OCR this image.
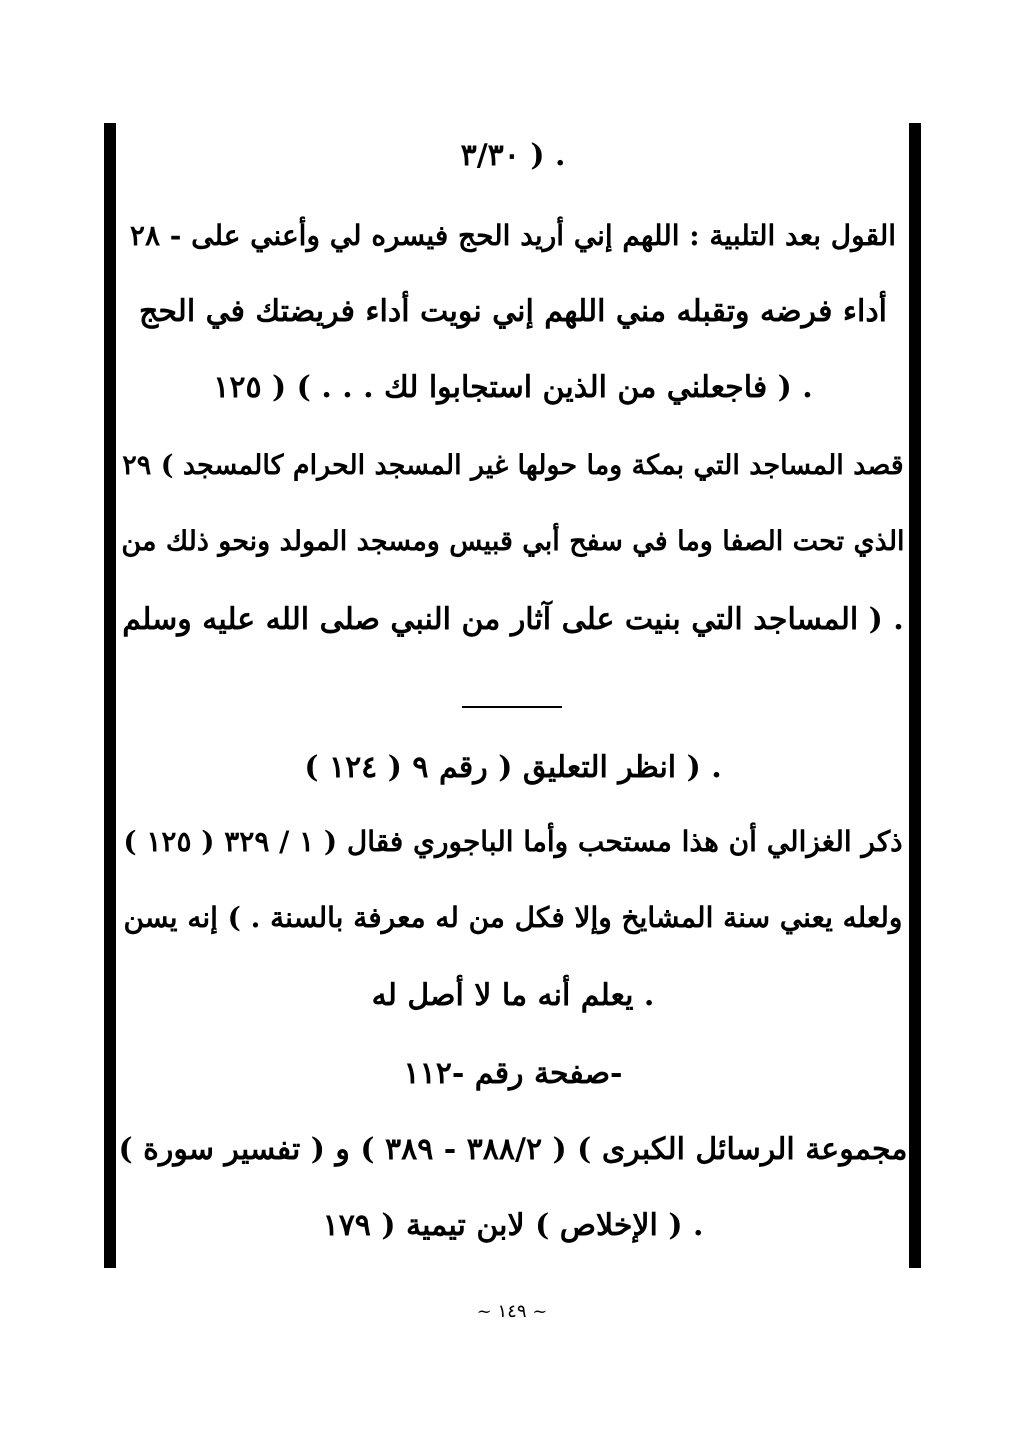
. ( ٣/٣٠
القول بعد التلبية : اللهم إني أريد الحج فيسره لي وأعني على - ٢٨
أداء فرضه وتقبله مني اللهم إني نويت أداء فريضتك في الحج
. ( فاجعلني من الذين استجابوا لك . . . ) ( ١٢٥
قصد المساجد التي بمكة وما حولها غير المسجد الحرام كالمسجد ) ٢٩
الذي تحت الصفا وما في سفح أبي قبيس ومسجد المولد ونحو ذلك من
. ( المساجد التي بنيت على آثار من النبي صلى الله عليه وسلم
. ( انظر التعليق ( رقم ٩ ( ١٢٤ )
ذكر الغزالي أن هذا مستحب وأما الباجوري فقال ( ١ / ٣٢٩ ( ١٢٥ )
ولعله يعني سنة المشايخ وإلا فكل من له معرفة بالسنة . ) إنه يسن
. يعلم أنه ما لا أصل له
-صفحة رقم -١١٢
مجموعة الرسائل الكبرى ) ( ٣٨٨/٢ - ٣٨٩ ) و ( تفسير سورة )
. ( الإخلاص ) لابن تيمية ( ١٧٩
~ ١٤٩ ~
